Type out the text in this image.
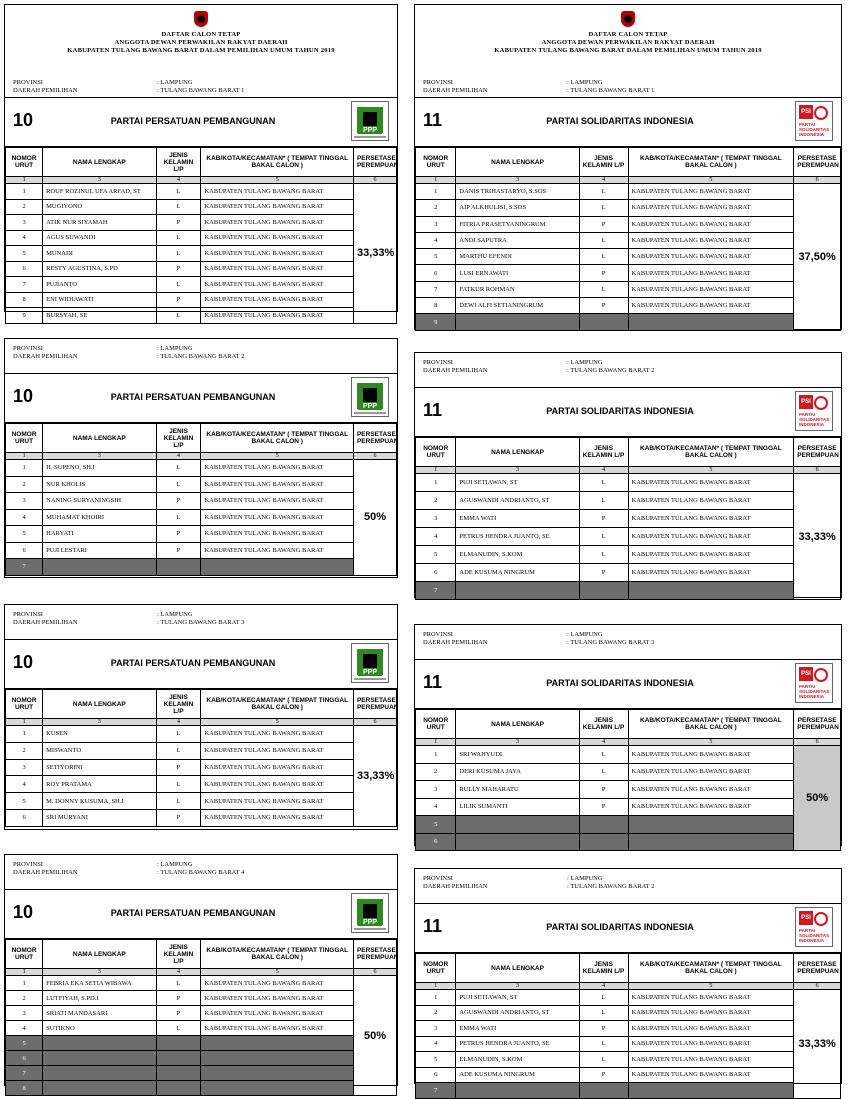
DAFTAR CALON TETAP
ANGGOTA DEWAN PERWAKILAN RAKYAT DAERAH
KABUPATEN TULANG BAWANG BARAT DALAM PEMILIHAN UMUM TAHUN 2019
PROVINSI	: LAMPUNG
DAERAH PEMILIHAN	: TULANG BAWANG BARAT 1
10	PARTAI PERSATUAN PEMBANGUNAN
PPP
NOMOR URUT	NAMA LENGKAP	JENIS KELAMIN L/P	KAB/KOTA/KECAMATAN* ( TEMPAT TINGGAL BAKAL CALON )	PERSETASE PEREMPUAN
1	3	4	5	6
1	ROUF ROZINUL UFA ARFAD, ST	L	KABUPATEN TULANG BAWANG BARAT	33,33%
2	MUGIYONO	L	KABUPATEN TULANG BAWANG BARAT	
3	ATIK NUR SIYAMAH	P	KABUPATEN TULANG BAWANG BARAT	
4	AGUS SUWANDI	L	KABUPATEN TULANG BAWANG BARAT	
5	MUNADI	L	KABUPATEN TULANG BAWANG BARAT	
6	RESTY AGUSTINA, S.PD	P	KABUPATEN TULANG BAWANG BARAT	
7	PUJIANTO	L	KABUPATEN TULANG BAWANG BARAT	
8	ENI WIDIAWATI	P	KABUPATEN TULANG BAWANG BARAT	
9	BURSYAH, SE	L	KABUPATEN TULANG BAWANG BARAT	
DAFTAR CALON TETAP
ANGGOTA DEWAN PERWAKILAN RAKYAT DAERAH
KABUPATEN TULANG BAWANG BARAT DALAM PEMILIHAN UMUM TAHUN 2019
PROVINSI	: LAMPUNG
DAERAH PEMILIHAN	: TULANG BAWANG BARAT 1
11	PARTAI SOLIDARITAS INDONESIA
PSI
PARTAI
SOLIDARITAS
INDONESIA
NOMOR URUT	NAMA LENGKAP	JENIS KELAMIN L/P	KAB/KOTA/KECAMATAN* ( TEMPAT TINGGAL BAKAL CALON )	PERSETASE PEREMPUAN
1	3	4	5	6
1	DANIS TRIHASTARYO, S.SOS	L	KABUPATEN TULANG BAWANG BARAT	37,50%
2	AIP ALKHULISI, S.SOS	L	KABUPATEN TULANG BAWANG BARAT	
3	FITRIA PRASETYANINGRUM	P	KABUPATEN TULANG BAWANG BARAT	
4	ANDI SAPUTRA	L	KABUPATEN TULANG BAWANG BARAT	
5	MARTHU EFENDI	L	KABUPATEN TULANG BAWANG BARAT	
6	LUSI ERNAWATI	P	KABUPATEN TULANG BAWANG BARAT	
7	FATKUR ROHMAN	L	KABUPATEN TULANG BAWANG BARAT	
8	DEWI ALFI SETIANINGRUM	P	KABUPATEN TULANG BAWANG BARAT	
9				
PROVINSI	: LAMPUNG
DAERAH PEMILIHAN	: TULANG BAWANG BARAT 2
10	PARTAI PERSATUAN PEMBANGUNAN
PPP
NOMOR URUT	NAMA LENGKAP	JENIS KELAMIN L/P	KAB/KOTA/KECAMATAN* ( TEMPAT TINGGAL BAKAL CALON )	PERSETASE PEREMPUAN
1	3	4	5	6
1	H. SUPENO, SH.I	L	KABUPATEN TULANG BAWANG BARAT	50%
2	NUR KHOLIS	L	KABUPATEN TULANG BAWANG BARAT	
3	NANING SURYANINGSIH	P	KABUPATEN TULANG BAWANG BARAT	
4	MUHAMAT KHOIRI	L	KABUPATEN TULANG BAWANG BARAT	
5	HARYATI	P	KABUPATEN TULANG BAWANG BARAT	
6	PUJI LESTARI	P	KABUPATEN TULANG BAWANG BARAT	
7				
PROVINSI	: LAMPUNG
DAERAH PEMILIHAN	: TULANG BAWANG BARAT 2
11	PARTAI SOLIDARITAS INDONESIA
PSI
PARTAI
SOLIDARITAS
INDONESIA
NOMOR URUT	NAMA LENGKAP	JENIS KELAMIN L/P	KAB/KOTA/KECAMATAN* ( TEMPAT TINGGAL BAKAL CALON )	PERSETASE PEREMPUAN
1	3	4	5	6
1	PUJI SETIAWAN, ST	L	KABUPATEN TULANG BAWANG BARAT	33,33%
2	AGUSWANDI ANDRIANTO, ST	L	KABUPATEN TULANG BAWANG BARAT	
3	EMMA WATI	P	KABUPATEN TULANG BAWANG BARAT	
4	PETRUS HENDRA JUANTO, SE	L	KABUPATEN TULANG BAWANG BARAT	
5	ELMANUDIN, S.KOM	L	KABUPATEN TULANG BAWANG BARAT	
6	ADE KUSUMA NINGRUM	P	KABUPATEN TULANG BAWANG BARAT	
7				
PROVINSI	: LAMPUNG
DAERAH PEMILIHAN	: TULANG BAWANG BARAT 3
10	PARTAI PERSATUAN PEMBANGUNAN
PPP
NOMOR URUT	NAMA LENGKAP	JENIS KELAMIN L/P	KAB/KOTA/KECAMATAN* ( TEMPAT TINGGAL BAKAL CALON )	PERSETASE PEREMPUAN
1	3	4	5	6
1	KUSEN	L	KABUPATEN TULANG BAWANG BARAT	33,33%
2	MISWANTO	L	KABUPATEN TULANG BAWANG BARAT	
3	SETIYORINI	P	KABUPATEN TULANG BAWANG BARAT	
4	ROY PRATAMA	L	KABUPATEN TULANG BAWANG BARAT	
5	M. DONNY KUSUMA, SH.I	L	KABUPATEN TULANG BAWANG BARAT	
6	SRI MURYANI	P	KABUPATEN TULANG BAWANG BARAT	
PROVINSI	: LAMPUNG
DAERAH PEMILIHAN	: TULANG BAWANG BARAT 3
11	PARTAI SOLIDARITAS INDONESIA
PSI
PARTAI
SOLIDARITAS
INDONESIA
NOMOR URUT	NAMA LENGKAP	JENIS KELAMIN L/P	KAB/KOTA/KECAMATAN* ( TEMPAT TINGGAL BAKAL CALON )	PERSETASE PEREMPUAN
1	3	4	5	6
1	SRI WAHYUDI	L	KABUPATEN TULANG BAWANG BARAT	50%
2	DERI KUSUMA JAYA	L	KABUPATEN TULANG BAWANG BARAT	
3	RULLY MAHARATU	P	KABUPATEN TULANG BAWANG BARAT	
4	LILIK SUMANTI	P	KABUPATEN TULANG BAWANG BARAT	
5				
6				
PROVINSI	: LAMPUNG
DAERAH PEMILIHAN	: TULANG BAWANG BARAT 4
10	PARTAI PERSATUAN PEMBANGUNAN
PPP
NOMOR URUT	NAMA LENGKAP	JENIS KELAMIN L/P	KAB/KOTA/KECAMATAN* ( TEMPAT TINGGAL BAKAL CALON )	PERSETASE PEREMPUAN
1	3	4	5	6
1	FEBRIA EKA SETIA WIBAWA	L	KABUPATEN TULANG BAWANG BARAT	50%
2	LUTFIYAH, S.PD.I	P	KABUPATEN TULANG BAWANG BARAT	
3	SRIATI MANDASARI	P	KABUPATEN TULANG BAWANG BARAT	
4	SUTIKNO	L	KABUPATEN TULANG BAWANG BARAT	
5				
6				
7				
8				
PROVINSI	: LAMPUNG
DAERAH PEMILIHAN	: TULANG BAWANG BARAT 2
11	PARTAI SOLIDARITAS INDONESIA
PSI
PARTAI
SOLIDARITAS
INDONESIA
NOMOR URUT	NAMA LENGKAP	JENIS KELAMIN L/P	KAB/KOTA/KECAMATAN* ( TEMPAT TINGGAL BAKAL CALON )	PERSETASE PEREMPUAN
1	3	4	5	6
1	PUJI SETIAWAN, ST	L	KABUPATEN TULANG BAWANG BARAT	33,33%
2	AGUSWANDI ANDRIANTO, ST	L	KABUPATEN TULANG BAWANG BARAT	
3	EMMA WATI	P	KABUPATEN TULANG BAWANG BARAT	
4	PETRUS HENDRA JUANTO, SE	L	KABUPATEN TULANG BAWANG BARAT	
5	ELMANUDIN, S.KOM	L	KABUPATEN TULANG BAWANG BARAT	
6	ADE KUSUMA NINGRUM	P	KABUPATEN TULANG BAWANG BARAT	
7				
